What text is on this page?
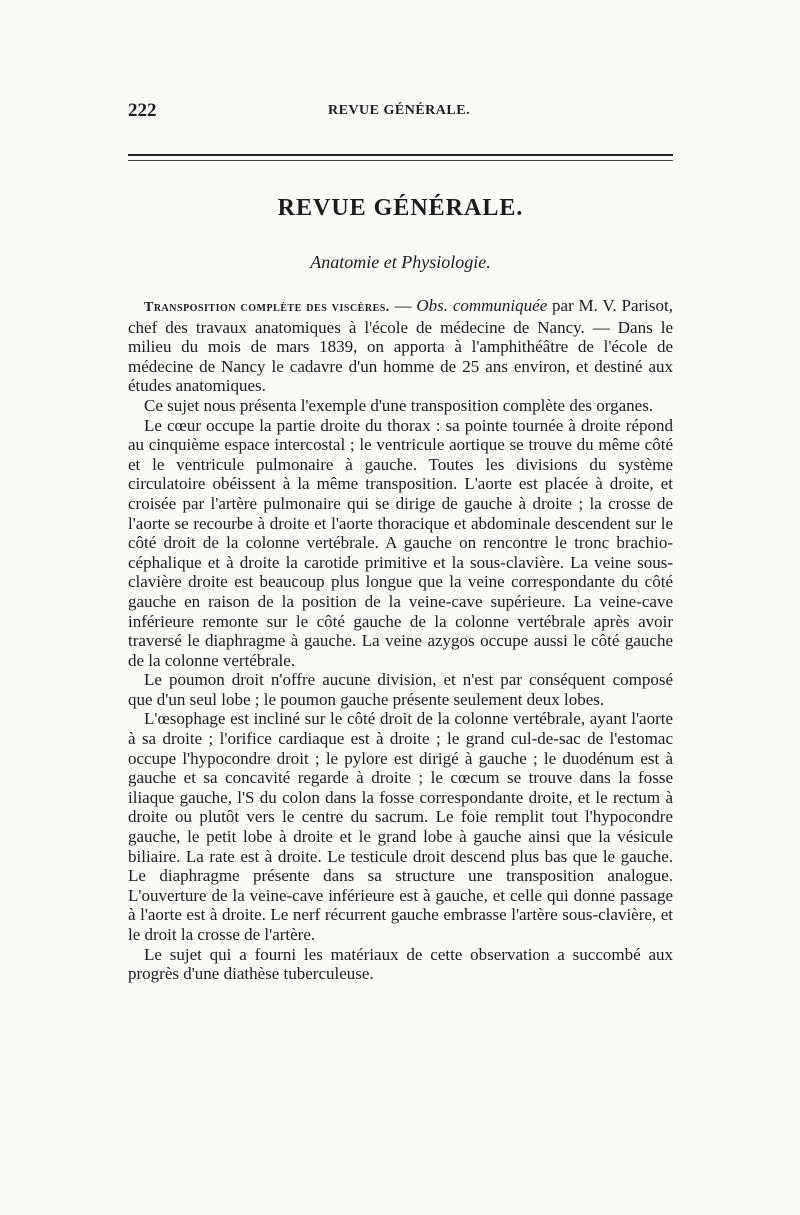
222	REVUE GÉNÉRALE.
REVUE GÉNÉRALE.
Anatomie et Physiologie.

Transposition complète des viscères. — Obs. communiquée par M. V. Parisot, chef des travaux anatomiques à l'école de médecine de Nancy. — Dans le milieu du mois de mars 1839, on apporta à l'amphithéâtre de l'école de médecine de Nancy le cadavre d'un homme de 25 ans environ, et destiné aux études anatomiques.

Ce sujet nous présenta l'exemple d'une transposition complète des organes.

Le cœur occupe la partie droite du thorax : sa pointe tournée à droite répond au cinquième espace intercostal ; le ventricule aortique se trouve du même côté et le ventricule pulmonaire à gauche. Toutes les divisions du système circulatoire obéissent à la même transposition. L'aorte est placée à droite, et croisée par l'artère pulmonaire qui se dirige de gauche à droite ; la crosse de l'aorte se recourbe à droite et l'aorte thoracique et abdominale descendent sur le côté droit de la colonne vertébrale. A gauche on rencontre le tronc brachio-céphalique et à droite la carotide primitive et la sous-clavière. La veine sous-clavière droite est beaucoup plus longue que la veine correspondante du côté gauche en raison de la position de la veine-cave supérieure. La veine-cave inférieure remonte sur le côté gauche de la colonne vertébrale après avoir traversé le diaphragme à gauche. La veine azygos occupe aussi le côté gauche de la colonne vertébrale.

Le poumon droit n'offre aucune division, et n'est par conséquent composé que d'un seul lobe ; le poumon gauche présente seulement deux lobes.

L'œsophage est incliné sur le côté droit de la colonne vertébrale, ayant l'aorte à sa droite ; l'orifice cardiaque est à droite ; le grand cul-de-sac de l'estomac occupe l'hypocondre droit ; le pylore est dirigé à gauche ; le duodénum est à gauche et sa concavité regarde à droite ; le cœcum se trouve dans la fosse iliaque gauche, l'S du colon dans la fosse correspondante droite, et le rectum à droite ou plutôt vers le centre du sacrum. Le foie remplit tout l'hypocondre gauche, le petit lobe à droite et le grand lobe à gauche ainsi que la vésicule biliaire. La rate est à droite. Le testicule droit descend plus bas que le gauche. Le diaphragme présente dans sa structure une transposition analogue. L'ouverture de la veine-cave inférieure est à gauche, et celle qui donne passage à l'aorte est à droite. Le nerf récurrent gauche embrasse l'artère sous-clavière, et le droit la crosse de l'artère.

Le sujet qui a fourni les matériaux de cette observation a succombé aux progrès d'une diathèse tuberculeuse.
